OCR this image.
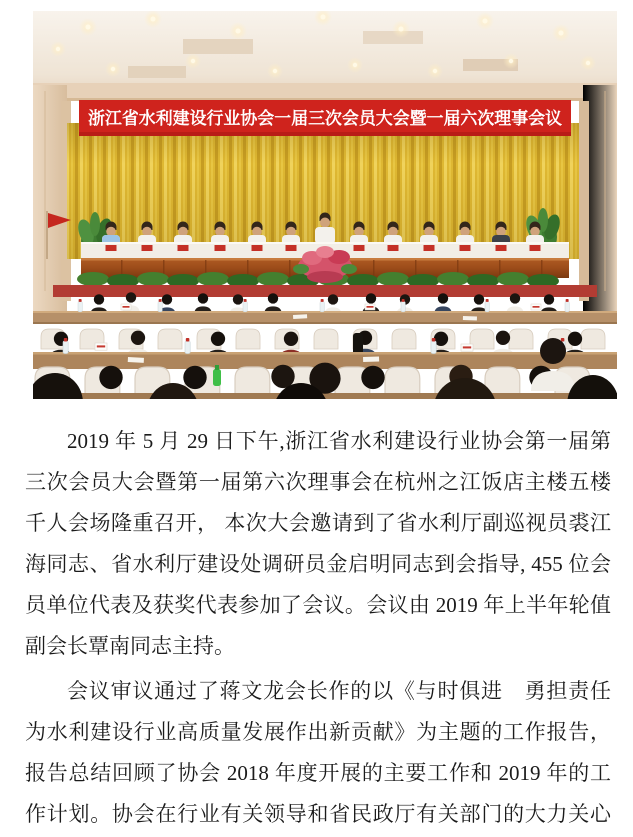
浙江省水利建设行业协会一届三次会员大会暨一届六次理事会议
2019 年 5 月 29 日下午,浙江省水利建设行业协会第一届第
三次会员大会暨第一届第六次理事会在杭州之江饭店主楼五楼
千人会场隆重召开， 本次大会邀请到了省水利厅副巡视员裘江
海同志、省水利厅建设处调研员金启明同志到会指导, 455 位会
员单位代表及获奖代表参加了会议。会议由 2019 年上半年轮值
副会长覃南同志主持。
会议审议通过了蒋文龙会长作的以《与时俱进　勇担责任
为水利建设行业高质量发展作出新贡献》为主题的工作报告，
报告总结回顾了协会 2018 年度开展的主要工作和 2019 年的工
作计划。协会在行业有关领导和省民政厅有关部门的大力关心
